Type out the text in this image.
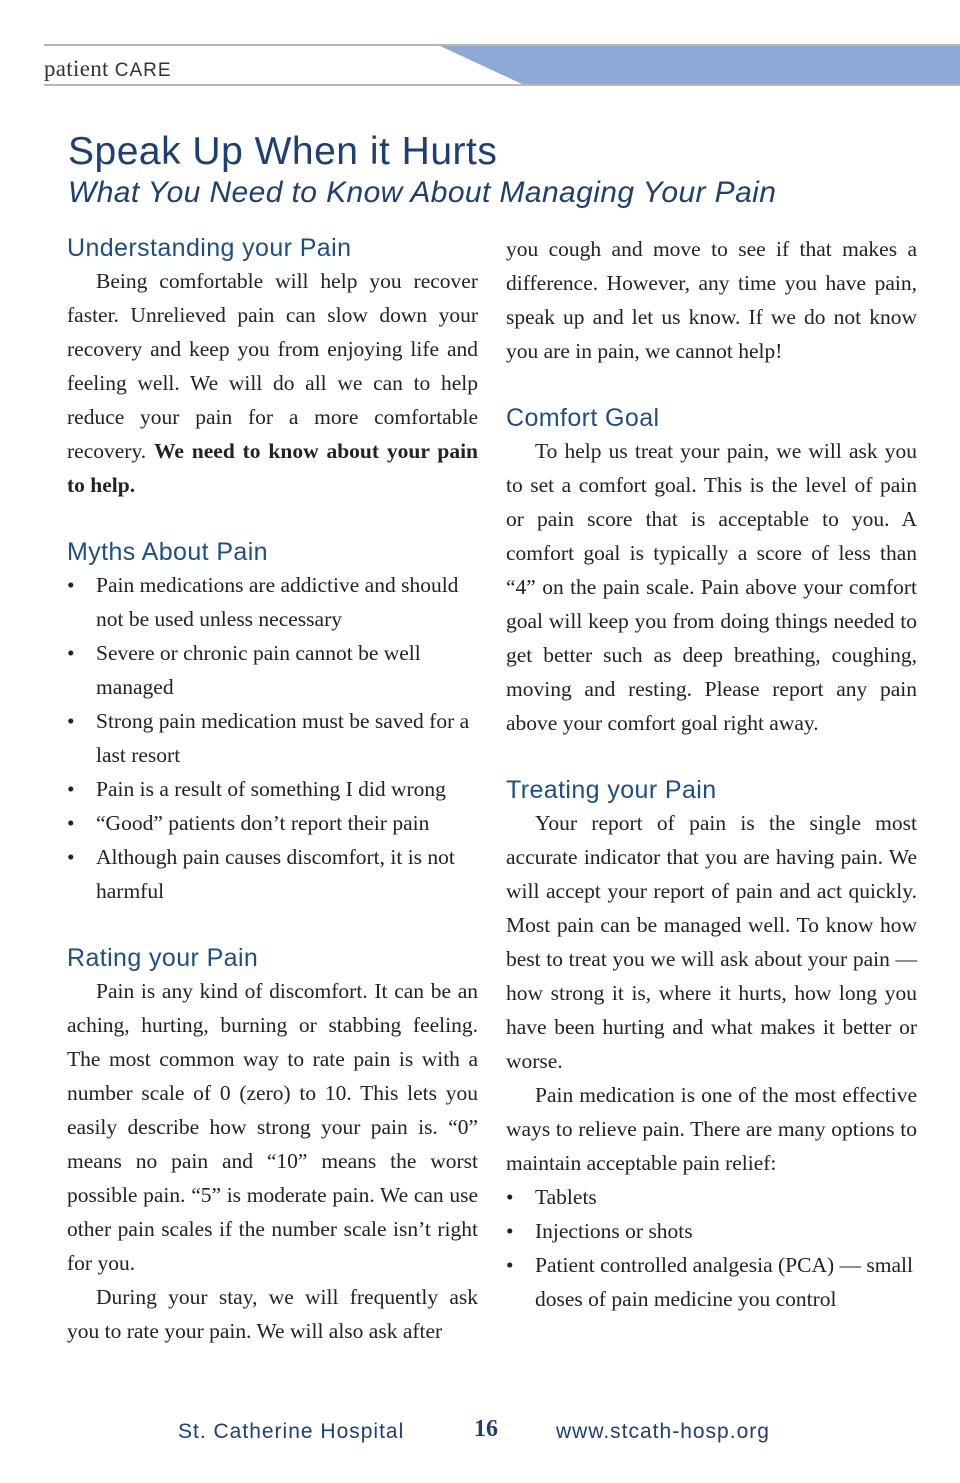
patient CARE
Speak Up When it Hurts
What You Need to Know About Managing Your Pain
Understanding your Pain

Being comfortable will help you recover faster. Unrelieved pain can slow down your recovery and keep you from enjoying life and feeling well. We will do all we can to help reduce your pain for a more comfortable recovery. We need to know about your pain to help.

Myths About Pain
• Pain medications are addictive and should not be used unless necessary
• Severe or chronic pain cannot be well managed
• Strong pain medication must be saved for a last resort
• Pain is a result of something I did wrong
• “Good” patients don’t report their pain
• Although pain causes discomfort, it is not harmful
Rating your Pain

Pain is any kind of discomfort. It can be an aching, hurting, burning or stabbing feeling. The most common way to rate pain is with a number scale of 0 (zero) to 10. This lets you easily describe how strong your pain is. “0” means no pain and “10” means the worst possible pain. “5” is moderate pain. We can use other pain scales if the number scale isn’t right for you.

During your stay, we will frequently ask you to rate your pain. We will also ask after

you cough and move to see if that makes a difference. However, any time you have pain, speak up and let us know. If we do not know you are in pain, we cannot help!

Comfort Goal

To help us treat your pain, we will ask you to set a comfort goal. This is the level of pain or pain score that is acceptable to you. A comfort goal is typically a score of less than “4” on the pain scale. Pain above your comfort goal will keep you from doing things needed to get better such as deep breathing, coughing, moving and resting. Please report any pain above your comfort goal right away.

Treating your Pain

Your report of pain is the single most accurate indicator that you are having pain. We will accept your report of pain and act quickly. Most pain can be managed well. To know how best to treat you we will ask about your pain — how strong it is, where it hurts, how long you have been hurting and what makes it better or worse.

Pain medication is one of the most effective ways to relieve pain. There are many options to maintain acceptable pain relief:

• Tablets
• Injections or shots
• Patient controlled analgesia (PCA) — small doses of pain medicine you control
St. Catherine Hospital	16	www.stcath-hosp.org
